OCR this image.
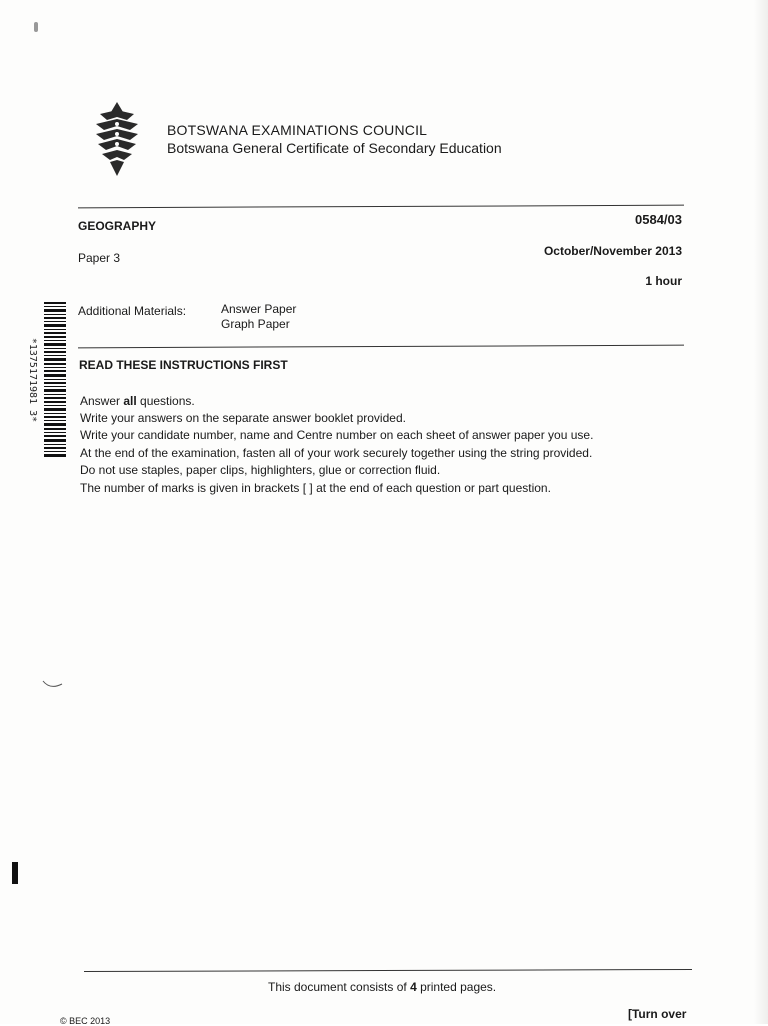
BOTSWANA EXAMINATIONS COUNCIL
Botswana General Certificate of Secondary Education
GEOGRAPHY	0584/03
Paper 3	October/November 2013
1 hour
Additional Materials:	Answer Paper
Graph Paper
READ THESE INSTRUCTIONS FIRST
Answer all questions.
Write your answers on the separate answer booklet provided.
Write your candidate number, name and Centre number on each sheet of answer paper you use.
At the end of the examination, fasten all of your work securely together using the string provided.
Do not use staples, paper clips, highlighters, glue or correction fluid.
The number of marks is given in brackets [ ] at the end of each question or part question.
*1375171981 3*
This document consists of 4 printed pages.
[Turn over
© BEC 2013
